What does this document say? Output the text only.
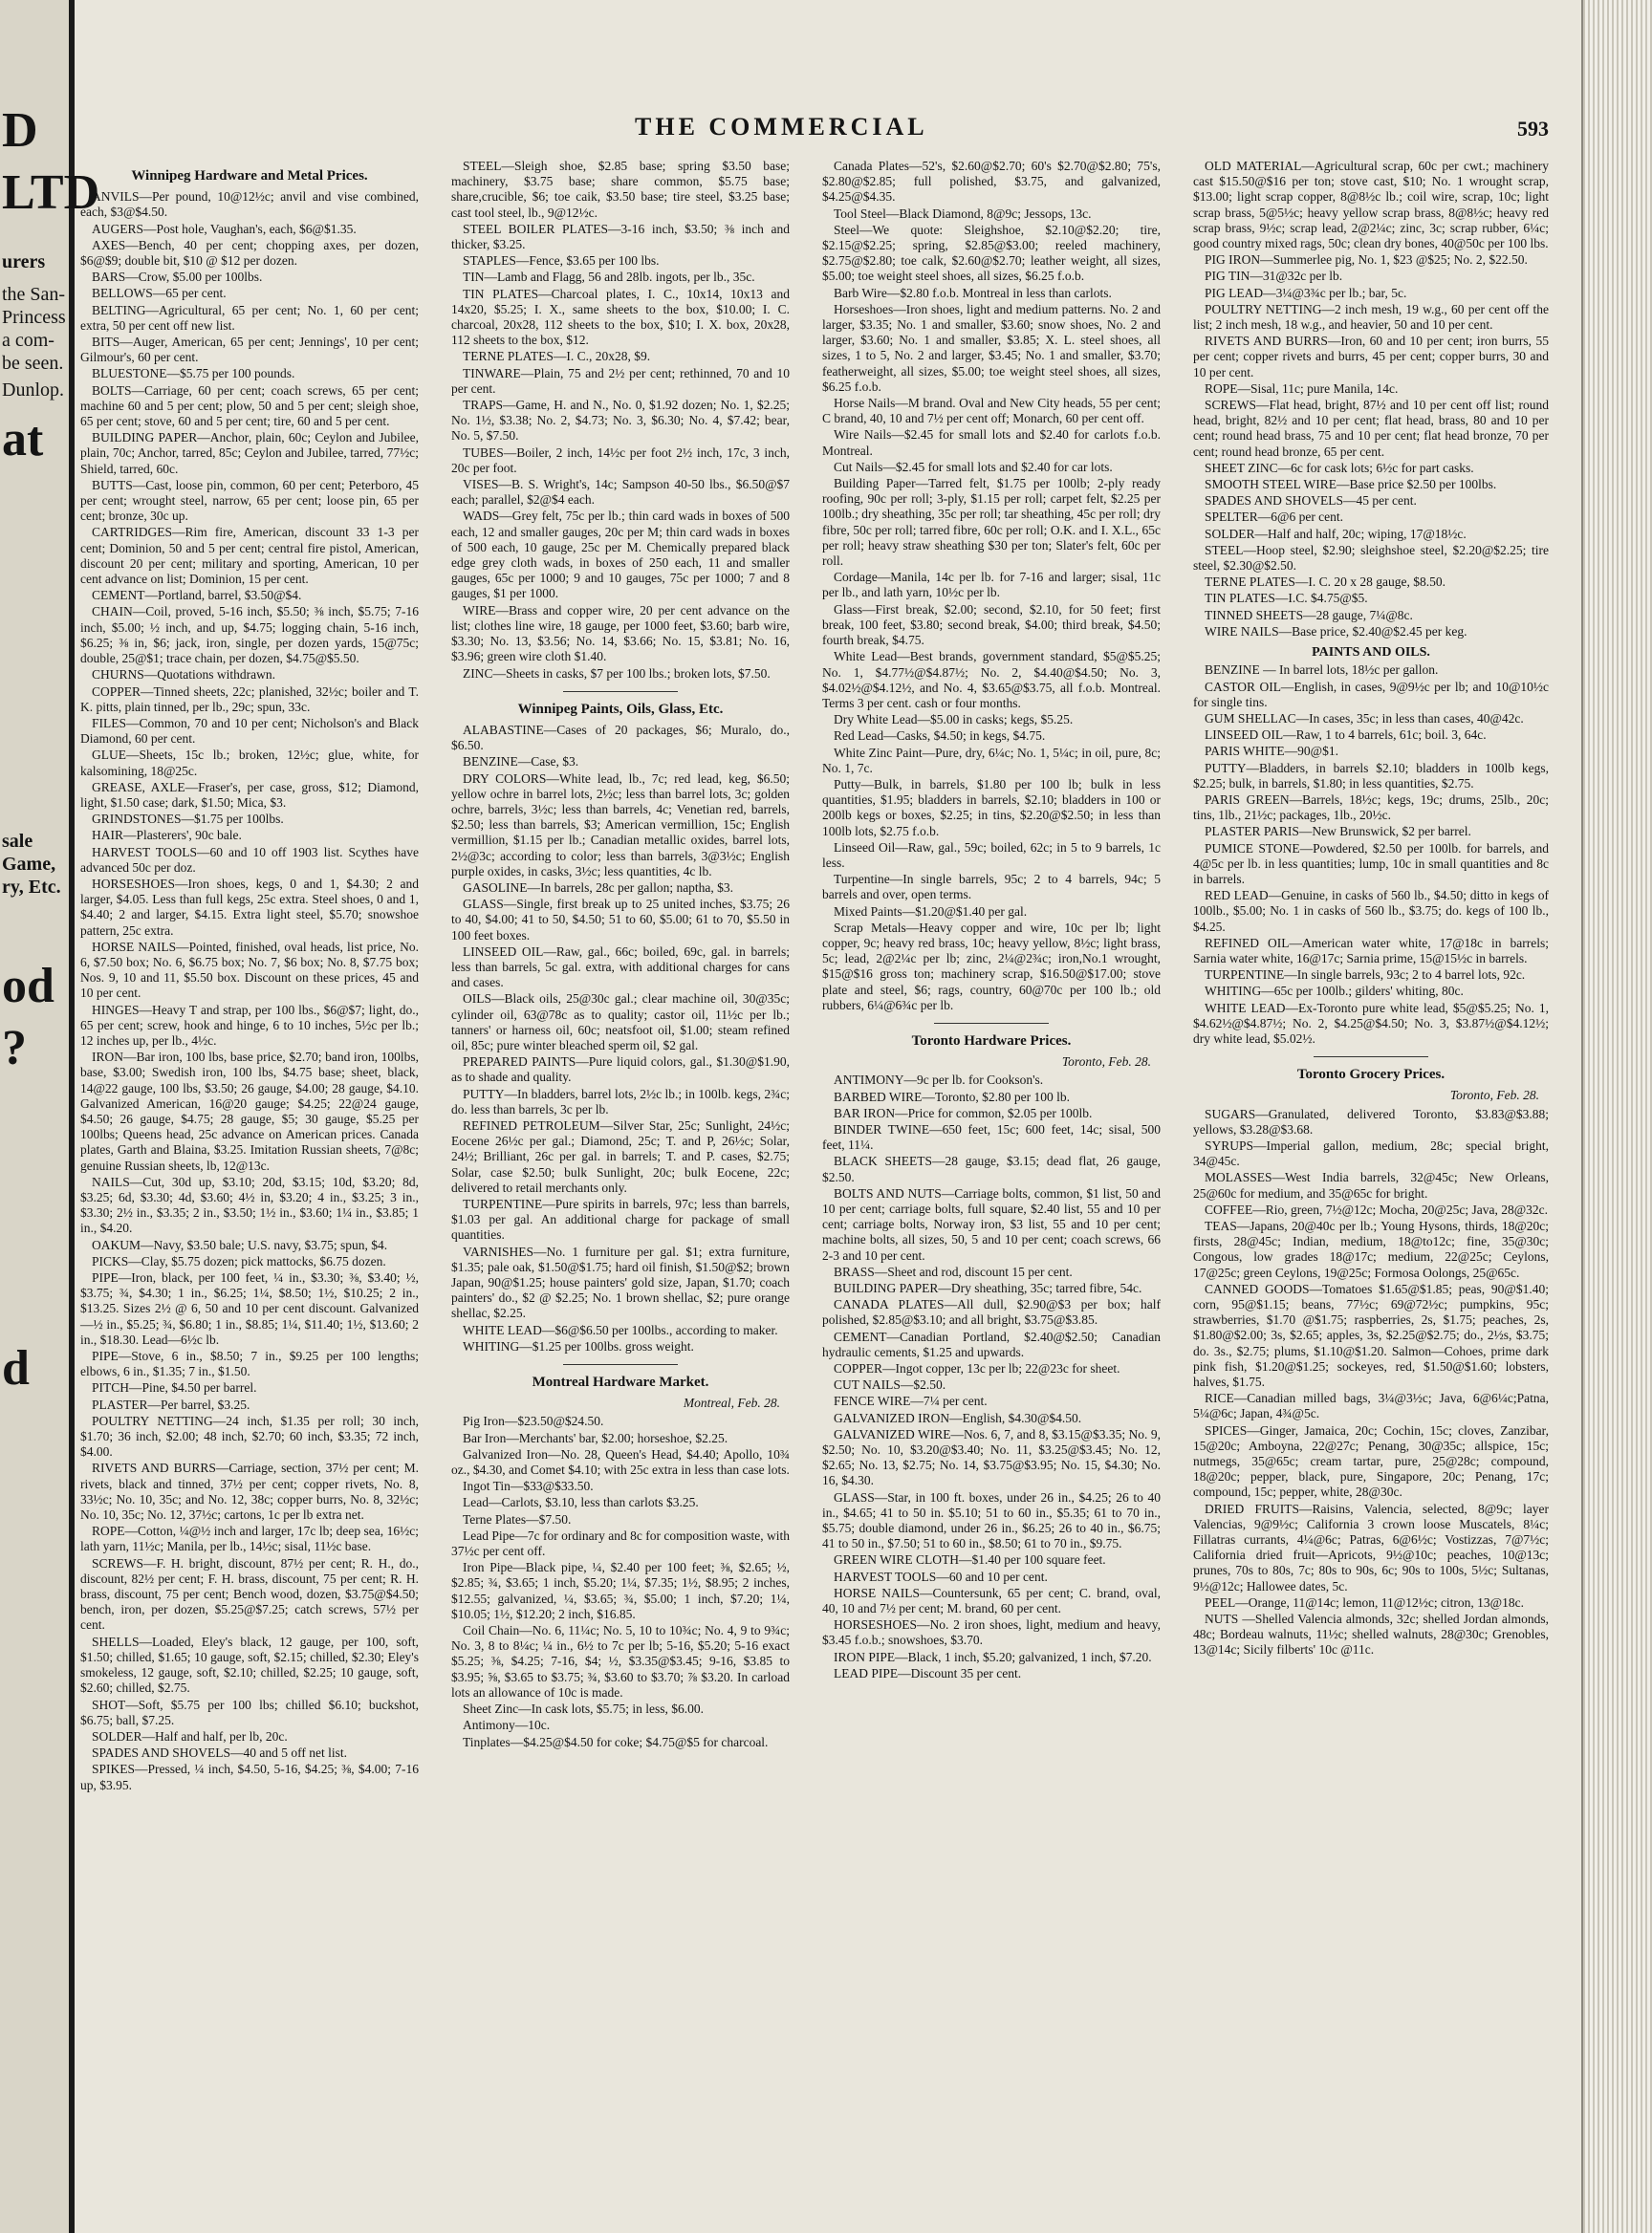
D
LTD
urers
the San-
Princess
a com-
be seen.
Dunlop.
at
sale
Game,
ry, Etc.
od
?
d
THE COMMERCIAL	593
Winnipeg Hardware and Metal Prices.

ANVILS—Per pound, 10@12½c; anvil and vise combined, each, $3@$4.50.

AUGERS—Post hole, Vaughan's, each, $6@$1.35.

AXES—Bench, 40 per cent; chopping axes, per dozen, $6@$9; double bit, $10 @ $12 per dozen.

BARS—Crow, $5.00 per 100lbs.

BELLOWS—65 per cent.

BELTING—Agricultural, 65 per cent; No. 1, 60 per cent; extra, 50 per cent off new list.

BITS—Auger, American, 65 per cent; Jennings', 10 per cent; Gilmour's, 60 per cent.

BLUESTONE—$5.75 per 100 pounds.

BOLTS—Carriage, 60 per cent; coach screws, 65 per cent; machine 60 and 5 per cent; plow, 50 and 5 per cent; sleigh shoe, 65 per cent; stove, 60 and 5 per cent; tire, 60 and 5 per cent.

BUILDING PAPER—Anchor, plain, 60c; Ceylon and Jubilee, plain, 70c; Anchor, tarred, 85c; Ceylon and Jubilee, tarred, 77½c; Shield, tarred, 60c.

BUTTS—Cast, loose pin, common, 60 per cent; Peterboro, 45 per cent; wrought steel, narrow, 65 per cent; loose pin, 65 per cent; bronze, 30c up.

CARTRIDGES—Rim fire, American, discount 33 1-3 per cent; Dominion, 50 and 5 per cent; central fire pistol, American, discount 20 per cent; military and sporting, American, 10 per cent advance on list; Dominion, 15 per cent.

CEMENT—Portland, barrel, $3.50@$4.

CHAIN—Coil, proved, 5-16 inch, $5.50; ⅜ inch, $5.75; 7-16 inch, $5.00; ½ inch, and up, $4.75; logging chain, 5-16 inch, $6.25; ⅜ in, $6; jack, iron, single, per dozen yards, 15@75c; double, 25@$1; trace chain, per dozen, $4.75@$5.50.

CHURNS—Quotations withdrawn.

COPPER—Tinned sheets, 22c; planished, 32½c; boiler and T. K. pitts, plain tinned, per lb., 29c; spun, 33c.

FILES—Common, 70 and 10 per cent; Nicholson's and Black Diamond, 60 per cent.

GLUE—Sheets, 15c lb.; broken, 12½c; glue, white, for kalsomining, 18@25c.

GREASE, AXLE—Fraser's, per case, gross, $12; Diamond, light, $1.50 case; dark, $1.50; Mica, $3.

GRINDSTONES—$1.75 per 100lbs.

HAIR—Plasterers', 90c bale.

HARVEST TOOLS—60 and 10 off 1903 list. Scythes have advanced 50c per doz.

HORSESHOES—Iron shoes, kegs, 0 and 1, $4.30; 2 and larger, $4.05. Less than full kegs, 25c extra. Steel shoes, 0 and 1, $4.40; 2 and larger, $4.15. Extra light steel, $5.70; snowshoe pattern, 25c extra.

HORSE NAILS—Pointed, finished, oval heads, list price, No. 6, $7.50 box; No. 6, $6.75 box; No. 7, $6 box; No. 8, $7.75 box; Nos. 9, 10 and 11, $5.50 box. Discount on these prices, 45 and 10 per cent.

HINGES—Heavy T and strap, per 100 lbs., $6@$7; light, do., 65 per cent; screw, hook and hinge, 6 to 10 inches, 5½c per lb.; 12 inches up, per lb., 4½c.

IRON—Bar iron, 100 lbs, base price, $2.70; band iron, 100lbs, base, $3.00; Swedish iron, 100 lbs, $4.75 base; sheet, black, 14@22 gauge, 100 lbs, $3.50; 26 gauge, $4.00; 28 gauge, $4.10. Galvanized American, 16@20 gauge; $4.25; 22@24 gauge, $4.50; 26 gauge, $4.75; 28 gauge, $5; 30 gauge, $5.25 per 100lbs; Queens head, 25c advance on American prices. Canada plates, Garth and Blaina, $3.25. Imitation Russian sheets, 7@8c; genuine Russian sheets, lb, 12@13c.

NAILS—Cut, 30d up, $3.10; 20d, $3.15; 10d, $3.20; 8d, $3.25; 6d, $3.30; 4d, $3.60; 4½ in, $3.20; 4 in., $3.25; 3 in., $3.30; 2½ in., $3.35; 2 in., $3.50; 1½ in., $3.60; 1¼ in., $3.85; 1 in., $4.20.

OAKUM—Navy, $3.50 bale; U.S. navy, $3.75; spun, $4.

PICKS—Clay, $5.75 dozen; pick mattocks, $6.75 dozen.

PIPE—Iron, black, per 100 feet, ¼ in., $3.30; ⅜, $3.40; ½, $3.75; ¾, $4.30; 1 in., $6.25; 1¼, $8.50; 1½, $10.25; 2 in., $13.25. Sizes 2½ @ 6, 50 and 10 per cent discount. Galvanized—½ in., $5.25; ¾, $6.80; 1 in., $8.85; 1¼, $11.40; 1½, $13.60; 2 in., $18.30. Lead—6½c lb.

PIPE—Stove, 6 in., $8.50; 7 in., $9.25 per 100 lengths; elbows, 6 in., $1.35; 7 in., $1.50.

PITCH—Pine, $4.50 per barrel.

PLASTER—Per barrel, $3.25.

POULTRY NETTING—24 inch, $1.35 per roll; 30 inch, $1.70; 36 inch, $2.00; 48 inch, $2.70; 60 inch, $3.35; 72 inch, $4.00.

RIVETS AND BURRS—Carriage, section, 37½ per cent; M. rivets, black and tinned, 37½ per cent; copper rivets, No. 8, 33½c; No. 10, 35c; and No. 12, 38c; copper burrs, No. 8, 32½c; No. 10, 35c; No. 12, 37½c; cartons, 1c per lb extra net.

ROPE—Cotton, ¼@½ inch and larger, 17c lb; deep sea, 16½c; lath yarn, 11½c; Manila, per lb., 14½c; sisal, 11½c base.

SCREWS—F. H. bright, discount, 87½ per cent; R. H., do., discount, 82½ per cent; F. H. brass, discount, 75 per cent; R. H. brass, discount, 75 per cent; Bench wood, dozen, $3.75@$4.50; bench, iron, per dozen, $5.25@$7.25; catch screws, 57½ per cent.

SHELLS—Loaded, Eley's black, 12 gauge, per 100, soft, $1.50; chilled, $1.65; 10 gauge, soft, $2.15; chilled, $2.30; Eley's smokeless, 12 gauge, soft, $2.10; chilled, $2.25; 10 gauge, soft, $2.60; chilled, $2.75.

SHOT—Soft, $5.75 per 100 lbs; chilled $6.10; buckshot, $6.75; ball, $7.25.

SOLDER—Half and half, per lb, 20c.

SPADES AND SHOVELS—40 and 5 off net list.

SPIKES—Pressed, ¼ inch, $4.50, 5-16, $4.25; ⅜, $4.00; 7-16 up, $3.95.

STEEL—Sleigh shoe, $2.85 base; spring $3.50 base; machinery, $3.75 base; share common, $5.75 base; share,crucible, $6; toe caik, $3.50 base; tire steel, $3.25 base; cast tool steel, lb., 9@12½c.

STEEL BOILER PLATES—3-16 inch, $3.50; ⅜ inch and thicker, $3.25.

STAPLES—Fence, $3.65 per 100 lbs.

TIN—Lamb and Flagg, 56 and 28lb. ingots, per lb., 35c.

TIN PLATES—Charcoal plates, I. C., 10x14, 10x13 and 14x20, $5.25; I. X., same sheets to the box, $10.00; I. C. charcoal, 20x28, 112 sheets to the box, $10; I. X. box, 20x28, 112 sheets to the box, $12.

TERNE PLATES—I. C., 20x28, $9.

TINWARE—Plain, 75 and 2½ per cent; rethinned, 70 and 10 per cent.

TRAPS—Game, H. and N., No. 0, $1.92 dozen; No. 1, $2.25; No. 1½, $3.38; No. 2, $4.73; No. 3, $6.30; No. 4, $7.42; bear, No. 5, $7.50.

TUBES—Boiler, 2 inch, 14½c per foot 2½ inch, 17c, 3 inch, 20c per foot.

VISES—B. S. Wright's, 14c; Sampson 40-50 lbs., $6.50@$7 each; parallel, $2@$4 each.

WADS—Grey felt, 75c per lb.; thin card wads in boxes of 500 each, 12 and smaller gauges, 20c per M; thin card wads in boxes of 500 each, 10 gauge, 25c per M. Chemically prepared black edge grey cloth wads, in boxes of 250 each, 11 and smaller gauges, 65c per 1000; 9 and 10 gauges, 75c per 1000; 7 and 8 gauges, $1 per 1000.

WIRE—Brass and copper wire, 20 per cent advance on the list; clothes line wire, 18 gauge, per 1000 feet, $3.60; barb wire, $3.30; No. 13, $3.56; No. 14, $3.66; No. 15, $3.81; No. 16, $3.96; green wire cloth $1.40.

ZINC—Sheets in casks, $7 per 100 lbs.; broken lots, $7.50.

Winnipeg Paints, Oils, Glass, Etc.

ALABASTINE—Cases of 20 packages, $6; Muralo, do., $6.50.

BENZINE—Case, $3.

DRY COLORS—White lead, lb., 7c; red lead, keg, $6.50; yellow ochre in barrel lots, 2½c; less than barrel lots, 3c; golden ochre, barrels, 3½c; less than barrels, 4c; Venetian red, barrels, $2.50; less than barrels, $3; American vermillion, 15c; English vermillion, $1.15 per lb.; Canadian metallic oxides, barrel lots, 2½@3c; according to color; less than barrels, 3@3½c; English purple oxides, in casks, 3½c; less quantities, 4c lb.

GASOLINE—In barrels, 28c per gallon; naptha, $3.

GLASS—Single, first break up to 25 united inches, $3.75; 26 to 40, $4.00; 41 to 50, $4.50; 51 to 60, $5.00; 61 to 70, $5.50 in 100 feet boxes.

LINSEED OIL—Raw, gal., 66c; boiled, 69c, gal. in barrels; less than barrels, 5c gal. extra, with additional charges for cans and cases.

OILS—Black oils, 25@30c gal.; clear machine oil, 30@35c; cylinder oil, 63@78c as to quality; castor oil, 11½c per lb.; tanners' or harness oil, 60c; neatsfoot oil, $1.00; steam refined oil, 85c; pure winter bleached sperm oil, $2 gal.

PREPARED PAINTS—Pure liquid colors, gal., $1.30@$1.90, as to shade and quality.

PUTTY—In bladders, barrel lots, 2½c lb.; in 100lb. kegs, 2¾c; do. less than barrels, 3c per lb.

REFINED PETROLEUM—Silver Star, 25c; Sunlight, 24½c; Eocene 26½c per gal.; Diamond, 25c; T. and P, 26½c; Solar, 24½; Brilliant, 26c per gal. in barrels; T. and P. cases, $2.75; Solar, case $2.50; bulk Sunlight, 20c; bulk Eocene, 22c; delivered to retail merchants only.

TURPENTINE—Pure spirits in barrels, 97c; less than barrels, $1.03 per gal. An additional charge for package of small quantities.

VARNISHES—No. 1 furniture per gal. $1; extra furniture, $1.35; pale oak, $1.50@$1.75; hard oil finish, $1.50@$2; brown Japan, 90@$1.25; house painters' gold size, Japan, $1.70; coach painters' do., $2 @ $2.25; No. 1 brown shellac, $2; pure orange shellac, $2.25.

WHITE LEAD—$6@$6.50 per 100lbs., according to maker.

WHITING—$1.25 per 100lbs. gross weight.

Montreal Hardware Market.

Montreal, Feb. 28.

Pig Iron—$23.50@$24.50.

Bar Iron—Merchants' bar, $2.00; horseshoe, $2.25.

Galvanized Iron—No. 28, Queen's Head, $4.40; Apollo, 10¾ oz., $4.30, and Comet $4.10; with 25c extra in less than case lots.

Ingot Tin—$33@$33.50.

Lead—Carlots, $3.10, less than carlots $3.25.

Terne Plates—$7.50.

Lead Pipe—7c for ordinary and 8c for composition waste, with 37½c per cent off.

Iron Pipe—Black pipe, ¼, $2.40 per 100 feet; ⅜, $2.65; ½, $2.85; ¾, $3.65; 1 inch, $5.20; 1¼, $7.35; 1½, $8.95; 2 inches, $12.55; galvanized, ¼, $3.65; ¾, $5.00; 1 inch, $7.20; 1¼, $10.05; 1½, $12.20; 2 inch, $16.85.

Coil Chain—No. 6, 11¼c; No. 5, 10 to 10¾c; No. 4, 9 to 9¾c; No. 3, 8 to 8¼c; ¼ in., 6½ to 7c per lb; 5-16, $5.20; 5-16 exact $5.25; ⅜, $4.25; 7-16, $4; ½, $3.35@$3.45; 9-16, $3.85 to $3.95; ⅝, $3.65 to $3.75; ¾, $3.60 to $3.70; ⅞ $3.20. In carload lots an allowance of 10c is made.

Sheet Zinc—In cask lots, $5.75; in less, $6.00.

Antimony—10c.

Tinplates—$4.25@$4.50 for coke; $4.75@$5 for charcoal.

Canada Plates—52's, $2.60@$2.70; 60's $2.70@$2.80; 75's, $2.80@$2.85; full polished, $3.75, and galvanized, $4.25@$4.35.

Tool Steel—Black Diamond, 8@9c; Jessops, 13c.

Steel—We quote: Sleighshoe, $2.10@$2.20; tire, $2.15@$2.25; spring, $2.85@$3.00; reeled machinery, $2.75@$2.80; toe calk, $2.60@$2.70; leather weight, all sizes, $5.00; toe weight steel shoes, all sizes, $6.25 f.o.b.

Barb Wire—$2.80 f.o.b. Montreal in less than carlots.

Horseshoes—Iron shoes, light and medium patterns. No. 2 and larger, $3.35; No. 1 and smaller, $3.60; snow shoes, No. 2 and larger, $3.60; No. 1 and smaller, $3.85; X. L. steel shoes, all sizes, 1 to 5, No. 2 and larger, $3.45; No. 1 and smaller, $3.70; featherweight, all sizes, $5.00; toe weight steel shoes, all sizes, $6.25 f.o.b.

Horse Nails—M brand. Oval and New City heads, 55 per cent; C brand, 40, 10 and 7½ per cent off; Monarch, 60 per cent off.

Wire Nails—$2.45 for small lots and $2.40 for carlots f.o.b. Montreal.

Cut Nails—$2.45 for small lots and $2.40 for car lots.

Building Paper—Tarred felt, $1.75 per 100lb; 2-ply ready roofing, 90c per roll; 3-ply, $1.15 per roll; carpet felt, $2.25 per 100lb.; dry sheathing, 35c per roll; tar sheathing, 45c per roll; dry fibre, 50c per roll; tarred fibre, 60c per roll; O.K. and I. X.L., 65c per roll; heavy straw sheathing $30 per ton; Slater's felt, 60c per roll.

Cordage—Manila, 14c per lb. for 7-16 and larger; sisal, 11c per lb., and lath yarn, 10½c per lb.

Glass—First break, $2.00; second, $2.10, for 50 feet; first break, 100 feet, $3.80; second break, $4.00; third break, $4.50; fourth break, $4.75.

White Lead—Best brands, government standard, $5@$5.25; No. 1, $4.77½@$4.87½; No. 2, $4.40@$4.50; No. 3, $4.02½@$4.12½, and No. 4, $3.65@$3.75, all f.o.b. Montreal. Terms 3 per cent. cash or four months.

Dry White Lead—$5.00 in casks; kegs, $5.25.

Red Lead—Casks, $4.50; in kegs, $4.75.

White Zinc Paint—Pure, dry, 6¼c; No. 1, 5¼c; in oil, pure, 8c; No. 1, 7c.

Putty—Bulk, in barrels, $1.80 per 100 lb; bulk in less quantities, $1.95; bladders in barrels, $2.10; bladders in 100 or 200lb kegs or boxes, $2.25; in tins, $2.20@$2.50; in less than 100lb lots, $2.75 f.o.b.

Linseed Oil—Raw, gal., 59c; boiled, 62c; in 5 to 9 barrels, 1c less.

Turpentine—In single barrels, 95c; 2 to 4 barrels, 94c; 5 barrels and over, open terms.

Mixed Paints—$1.20@$1.40 per gal.

Scrap Metals—Heavy copper and wire, 10c per lb; light copper, 9c; heavy red brass, 10c; heavy yellow, 8½c; light brass, 5c; lead, 2@2¼c per lb; zinc, 2¼@2¾c; iron,No.1 wrought, $15@$16 gross ton; machinery scrap, $16.50@$17.00; stove plate and steel, $6; rags, country, 60@70c per 100 lb.; old rubbers, 6¼@6¾c per lb.

Toronto Hardware Prices.

Toronto, Feb. 28.

ANTIMONY—9c per lb. for Cookson's.

BARBED WIRE—Toronto, $2.80 per 100 lb.

BAR IRON—Price for common, $2.05 per 100lb.

BINDER TWINE—650 feet, 15c; 600 feet, 14c; sisal, 500 feet, 11¼.

BLACK SHEETS—28 gauge, $3.15; dead flat, 26 gauge, $2.50.

BOLTS AND NUTS—Carriage bolts, common, $1 list, 50 and 10 per cent; carriage bolts, full square, $2.40 list, 55 and 10 per cent; carriage bolts, Norway iron, $3 list, 55 and 10 per cent; machine bolts, all sizes, 50, 5 and 10 per cent; coach screws, 66 2-3 and 10 per cent.

BRASS—Sheet and rod, discount 15 per cent.

BUILDING PAPER—Dry sheathing, 35c; tarred fibre, 54c.

CANADA PLATES—All dull, $2.90@$3 per box; half polished, $2.85@$3.10; and all bright, $3.75@$3.85.

CEMENT—Canadian Portland, $2.40@$2.50; Canadian hydraulic cements, $1.25 and upwards.

COPPER—Ingot copper, 13c per lb; 22@23c for sheet.

CUT NAILS—$2.50.

FENCE WIRE—7¼ per cent.

GALVANIZED IRON—English, $4.30@$4.50.

GALVANIZED WIRE—Nos. 6, 7, and 8, $3.15@$3.35; No. 9, $2.50; No. 10, $3.20@$3.40; No. 11, $3.25@$3.45; No. 12, $2.65; No. 13, $2.75; No. 14, $3.75@$3.95; No. 15, $4.30; No. 16, $4.30.

GLASS—Star, in 100 ft. boxes, under 26 in., $4.25; 26 to 40 in., $4.65; 41 to 50 in. $5.10; 51 to 60 in., $5.35; 61 to 70 in., $5.75; double diamond, under 26 in., $6.25; 26 to 40 in., $6.75; 41 to 50 in., $7.50; 51 to 60 in., $8.50; 61 to 70 in., $9.75.

GREEN WIRE CLOTH—$1.40 per 100 square feet.

HARVEST TOOLS—60 and 10 per cent.

HORSE NAILS—Countersunk, 65 per cent; C. brand, oval, 40, 10 and 7½ per cent; M. brand, 60 per cent.

HORSESHOES—No. 2 iron shoes, light, medium and heavy, $3.45 f.o.b.; snowshoes, $3.70.

IRON PIPE—Black, 1 inch, $5.20; galvanized, 1 inch, $7.20.

LEAD PIPE—Discount 35 per cent.

OLD MATERIAL—Agricultural scrap, 60c per cwt.; machinery cast $15.50@$16 per ton; stove cast, $10; No. 1 wrought scrap, $13.00; light scrap copper, 8@8½c lb.; coil wire, scrap, 10c; light scrap brass, 5@5½c; heavy yellow scrap brass, 8@8½c; heavy red scrap brass, 9½c; scrap lead, 2@2¼c; zinc, 3c; scrap rubber, 6¼c; good country mixed rags, 50c; clean dry bones, 40@50c per 100 lbs.

PIG IRON—Summerlee pig, No. 1, $23 @$25; No. 2, $22.50.

PIG TIN—31@32c per lb.

PIG LEAD—3¼@3¾c per lb.; bar, 5c.

POULTRY NETTING—2 inch mesh, 19 w.g., 60 per cent off the list; 2 inch mesh, 18 w.g., and heavier, 50 and 10 per cent.

RIVETS AND BURRS—Iron, 60 and 10 per cent; iron burrs, 55 per cent; copper rivets and burrs, 45 per cent; copper burrs, 30 and 10 per cent.

ROPE—Sisal, 11c; pure Manila, 14c.

SCREWS—Flat head, bright, 87½ and 10 per cent off list; round head, bright, 82½ and 10 per cent; flat head, brass, 80 and 10 per cent; round head brass, 75 and 10 per cent; flat head bronze, 70 per cent; round head bronze, 65 per cent.

SHEET ZINC—6c for cask lots; 6½c for part casks.

SMOOTH STEEL WIRE—Base price $2.50 per 100lbs.

SPADES AND SHOVELS—45 per cent.

SPELTER—6@6 per cent.

SOLDER—Half and half, 20c; wiping, 17@18½c.

STEEL—Hoop steel, $2.90; sleighshoe steel, $2.20@$2.25; tire steel, $2.30@$2.50.

TERNE PLATES—I. C. 20 x 28 gauge, $8.50.

TIN PLATES—I.C. $4.75@$5.

TINNED SHEETS—28 gauge, 7¼@8c.

WIRE NAILS—Base price, $2.40@$2.45 per keg.

PAINTS AND OILS.

BENZINE — In barrel lots, 18½c per gallon.

CASTOR OIL—English, in cases, 9@9½c per lb; and 10@10½c for single tins.

GUM SHELLAC—In cases, 35c; in less than cases, 40@42c.

LINSEED OIL—Raw, 1 to 4 barrels, 61c; boil. 3, 64c.

PARIS WHITE—90@$1.

PUTTY—Bladders, in barrels $2.10; bladders in 100lb kegs, $2.25; bulk, in barrels, $1.80; in less quantities, $2.75.

PARIS GREEN—Barrels, 18½c; kegs, 19c; drums, 25lb., 20c; tins, 1lb., 21½c; packages, 1lb., 20½c.

PLASTER PARIS—New Brunswick, $2 per barrel.

PUMICE STONE—Powdered, $2.50 per 100lb. for barrels, and 4@5c per lb. in less quantities; lump, 10c in small quantities and 8c in barrels.

RED LEAD—Genuine, in casks of 560 lb., $4.50; ditto in kegs of 100lb., $5.00; No. 1 in casks of 560 lb., $3.75; do. kegs of 100 lb., $4.25.

REFINED OIL—American water white, 17@18c in barrels; Sarnia water white, 16@17c; Sarnia prime, 15@15½c in barrels.

TURPENTINE—In single barrels, 93c; 2 to 4 barrel lots, 92c.

WHITING—65c per 100lb.; gilders' whiting, 80c.

WHITE LEAD—Ex-Toronto pure white lead, $5@$5.25; No. 1, $4.62½@$4.87½; No. 2, $4.25@$4.50; No. 3, $3.87½@$4.12½; dry white lead, $5.02½.

Toronto Grocery Prices.

Toronto, Feb. 28.

SUGARS—Granulated, delivered Toronto, $3.83@$3.88; yellows, $3.28@$3.68.

SYRUPS—Imperial gallon, medium, 28c; special bright, 34@45c.

MOLASSES—West India barrels, 32@45c; New Orleans, 25@60c for medium, and 35@65c for bright.

COFFEE—Rio, green, 7½@12c; Mocha, 20@25c; Java, 28@32c.

TEAS—Japans, 20@40c per lb.; Young Hysons, thirds, 18@20c; firsts, 28@45c; Indian, medium, 18@to12c; fine, 35@30c; Congous, low grades 18@17c; medium, 22@25c; Ceylons, 17@25c; green Ceylons, 19@25c; Formosa Oolongs, 25@65c.

CANNED GOODS—Tomatoes $1.65@$1.85; peas, 90@$1.40; corn, 95@$1.15; beans, 77½c; 69@72½c; pumpkins, 95c; strawberries, $1.70 @$1.75; raspberries, 2s, $1.75; peaches, 2s, $1.80@$2.00; 3s, $2.65; apples, 3s, $2.25@$2.75; do., 2½s, $3.75; do. 3s., $2.75; plums, $1.10@$1.20. Salmon—Cohoes, prime dark pink fish, $1.20@$1.25; sockeyes, red, $1.50@$1.60; lobsters, halves, $1.75.

RICE—Canadian milled bags, 3¼@3½c; Java, 6@6¼c;Patna, 5¼@6c; Japan, 4¾@5c.

SPICES—Ginger, Jamaica, 20c; Cochin, 15c; cloves, Zanzibar, 15@20c; Amboyna, 22@27c; Penang, 30@35c; allspice, 15c; nutmegs, 35@65c; cream tartar, pure, 25@28c; compound, 18@20c; pepper, black, pure, Singapore, 20c; Penang, 17c; compound, 15c; pepper, white, 28@30c.

DRIED FRUITS—Raisins, Valencia, selected, 8@9c; layer Valencias, 9@9½c; California 3 crown loose Muscatels, 8¼c; Fillatras currants, 4¼@6c; Patras, 6@6½c; Vostizzas, 7@7½c; California dried fruit—Apricots, 9½@10c; peaches, 10@13c; prunes, 70s to 80s, 7c; 80s to 90s, 6c; 90s to 100s, 5½c; Sultanas, 9½@12c; Hallowee dates, 5c.

PEEL—Orange, 11@14c; lemon, 11@12½c; citron, 13@18c.

NUTS —Shelled Valencia almonds, 32c; shelled Jordan almonds, 48c; Bordeau walnuts, 11½c; shelled walnuts, 28@30c; Grenobles, 13@14c; Sicily filberts' 10c @11c.
